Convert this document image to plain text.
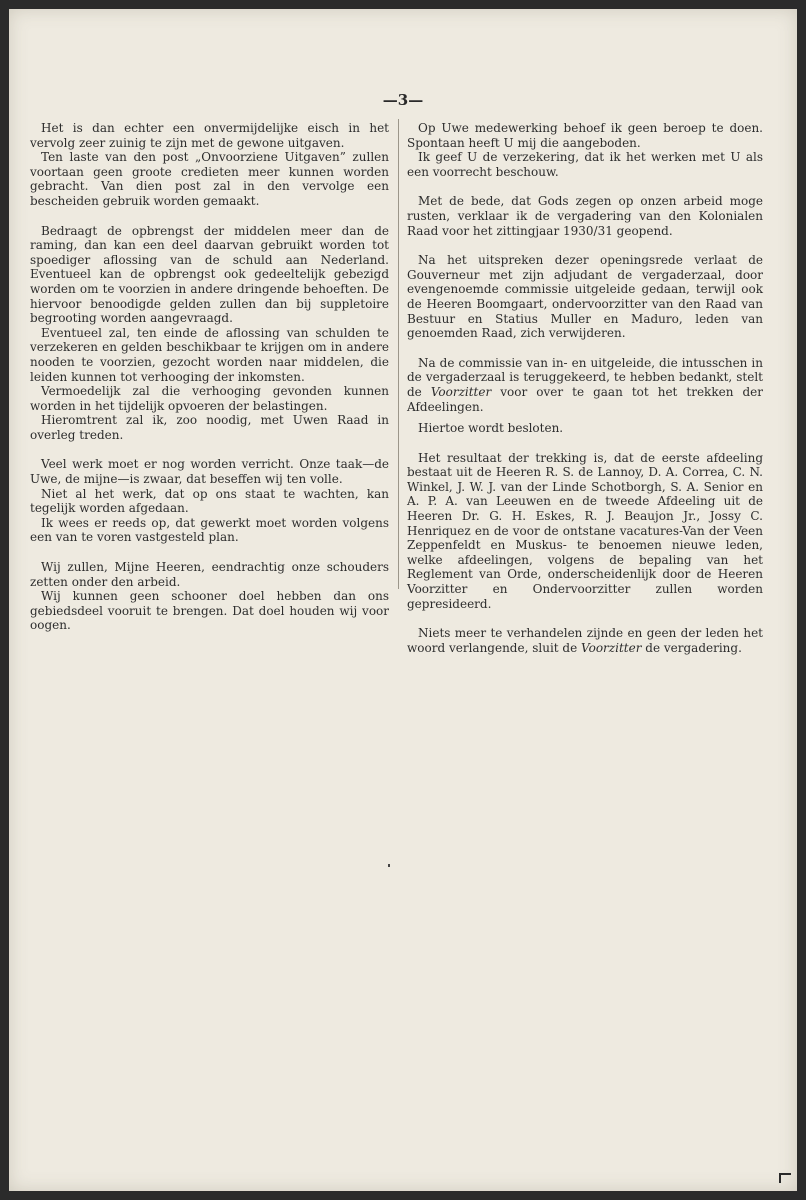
—3—

Het is dan echter een onvermijdelijke eisch in het vervolg zeer zuinig te zijn met de gewone uitgaven.

Ten laste van den post „Onvoorziene Uitgaven” zullen voortaan geen groote credieten meer kunnen worden gebracht. Van dien post zal in den vervolge een bescheiden gebruik worden gemaakt.

Bedraagt de opbrengst der middelen meer dan de raming, dan kan een deel daarvan gebruikt worden tot spoediger aflossing van de schuld aan Nederland. Eventueel kan de opbrengst ook gedeeltelijk gebezigd worden om te voorzien in andere dringende behoeften. De hiervoor benoodigde gelden zullen dan bij suppletoire begrooting worden aangevraagd.

Eventueel zal, ten einde de aflossing van schulden te verzekeren en gelden beschikbaar te krijgen om in andere nooden te voorzien, gezocht worden naar middelen, die leiden kunnen tot verhooging der inkomsten.

Vermoedelijk zal die verhooging gevonden kunnen worden in het tijdelijk opvoeren der belastingen.

Hieromtrent zal ik, zoo noodig, met Uwen Raad in overleg treden.

Veel werk moet er nog worden verricht. Onze taak—de Uwe, de mijne—is zwaar, dat beseffen wij ten volle.

Niet al het werk, dat op ons staat te wachten, kan tegelijk worden afgedaan.

Ik wees er reeds op, dat gewerkt moet worden volgens een van te voren vastgesteld plan.

Wij zullen, Mijne Heeren, eendrachtig onze schouders zetten onder den arbeid.

Wij kunnen geen schooner doel hebben dan ons gebiedsdeel vooruit te brengen. Dat doel houden wij voor oogen.

Op Uwe medewerking behoef ik geen beroep te doen. Spontaan heeft U mij die aangeboden.

Ik geef U de verzekering, dat ik het werken met U als een voorrecht beschouw.

Met de bede, dat Gods zegen op onzen arbeid moge rusten, verklaar ik de vergadering van den Kolonialen Raad voor het zittingjaar 1930/31 geopend.

Na het uitspreken dezer openingsrede verlaat de Gouverneur met zijn adjudant de vergaderzaal, door evengenoemde commissie uitgeleide gedaan, terwijl ook de Heeren Boomgaart, ondervoorzitter van den Raad van Bestuur en Statius Muller en Maduro, leden van genoemden Raad, zich verwijderen.

Na de commissie van in- en uitgeleide, die intusschen in de vergaderzaal is teruggekeerd, te hebben bedankt, stelt de Voorzitter voor over te gaan tot het trekken der Afdeelingen.

Hiertoe wordt besloten.

Het resultaat der trekking is, dat de eerste afdeeling bestaat uit de Heeren R. S. de Lannoy, D. A. Correa, C. N. Winkel, J. W. J. van der Linde Schotborgh, S. A. Senior en A. P. A. van Leeuwen en de tweede Afdeeling uit de Heeren Dr. G. H. Eskes, R. J. Beaujon Jr., Jossy C. Henriquez en de voor de ontstane vacatures-Van der Veen Zeppenfeldt en Muskus- te benoemen nieuwe leden, welke afdeelingen, volgens de bepaling van het Reglement van Orde, onderscheidenlijk door de Heeren Voorzitter en Ondervoorzitter zullen worden gepresideerd.

Niets meer te verhandelen zijnde en geen der leden het woord verlangende, sluit de Voorzitter de vergadering.
